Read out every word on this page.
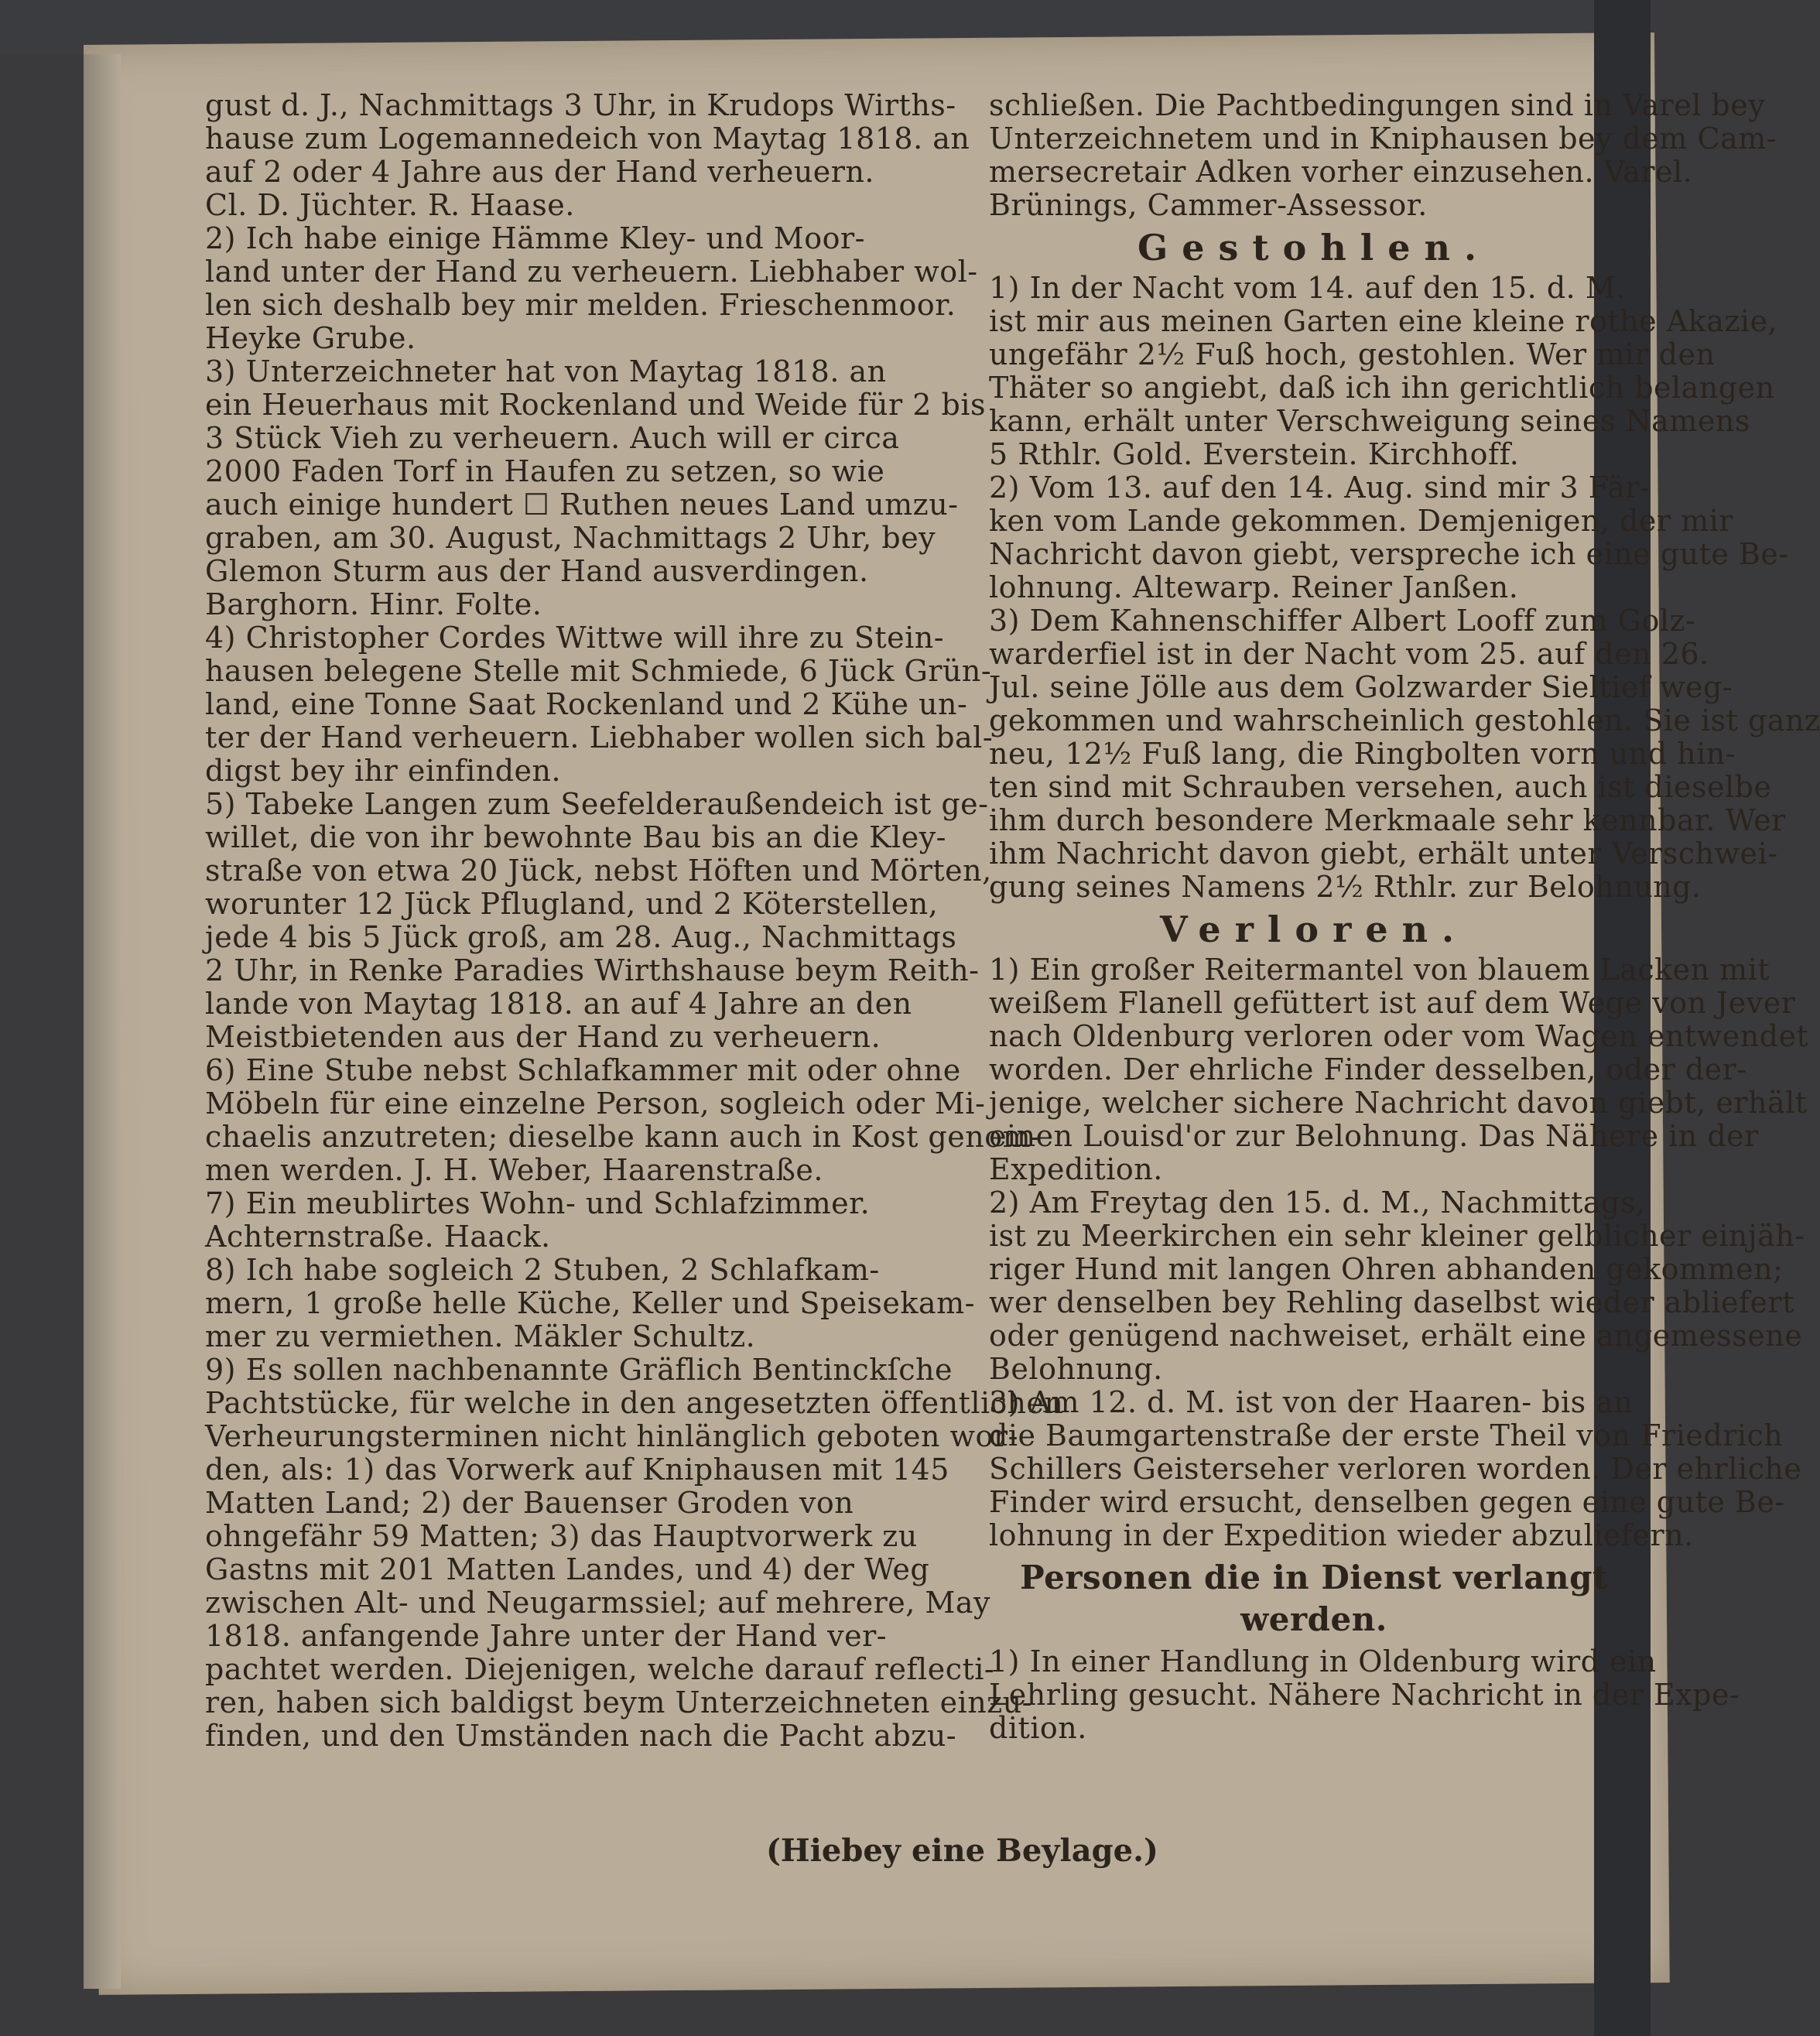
gust d. J., Nachmittags 3 Uhr, in Krudops Wirths-
hause zum Logemannedeich von Maytag 1818. an
auf 2 oder 4 Jahre aus der Hand verheuern.
Cl. D. Jüchter. R. Haase.
2) Ich habe einige Hämme Kley- und Moor-
land unter der Hand zu verheuern. Liebhaber wol-
len sich deshalb bey mir melden. Frieschenmoor.
Heyke Grube.
3) Unterzeichneter hat von Maytag 1818. an
ein Heuerhaus mit Rockenland und Weide für 2 bis
3 Stück Vieh zu verheuern. Auch will er circa
2000 Faden Torf in Haufen zu setzen, so wie
auch einige hundert ☐ Ruthen neues Land umzu-
graben, am 30. August, Nachmittags 2 Uhr, bey
Glemon Sturm aus der Hand ausverdingen.
Barghorn. Hinr. Folte.
4) Christopher Cordes Wittwe will ihre zu Stein-
hausen belegene Stelle mit Schmiede, 6 Jück Grün-
land, eine Tonne Saat Rockenland und 2 Kühe un-
ter der Hand verheuern. Liebhaber wollen sich bal-
digst bey ihr einfinden.
5) Tabeke Langen zum Seefelderaußendeich ist ge-
willet, die von ihr bewohnte Bau bis an die Kley-
straße von etwa 20 Jück, nebst Höften und Mörten,
worunter 12 Jück Pflugland, und 2 Köterstellen,
jede 4 bis 5 Jück groß, am 28. Aug., Nachmittags
2 Uhr, in Renke Paradies Wirthshause beym Reith-
lande von Maytag 1818. an auf 4 Jahre an den
Meistbietenden aus der Hand zu verheuern.
6) Eine Stube nebst Schlafkammer mit oder ohne
Möbeln für eine einzelne Person, sogleich oder Mi-
chaelis anzutreten; dieselbe kann auch in Kost genom-
men werden. J. H. Weber, Haarenstraße.
7) Ein meublirtes Wohn- und Schlafzimmer.
Achternstraße. Haack.
8) Ich habe sogleich 2 Stuben, 2 Schlafkam-
mern, 1 große helle Küche, Keller und Speisekam-
mer zu vermiethen. Mäkler Schultz.
9) Es sollen nachbenannte Gräflich Bentinckſche
Pachtstücke, für welche in den angesetzten öffentlichen
Verheurungsterminen nicht hinlänglich geboten wor-
den, als: 1) das Vorwerk auf Kniphausen mit 145
Matten Land; 2) der Bauenser Groden von
ohngefähr 59 Matten; 3) das Hauptvorwerk zu
Gastns mit 201 Matten Landes, und 4) der Weg
zwischen Alt- und Neugarmssiel; auf mehrere, May
1818. anfangende Jahre unter der Hand ver-
pachtet werden. Diejenigen, welche darauf reflecti-
ren, haben sich baldigst beym Unterzeichneten einzu-
finden, und den Umständen nach die Pacht abzu-
schließen. Die Pachtbedingungen sind in Varel bey
Unterzeichnetem und in Kniphausen bey dem Cam-
mersecretair Adken vorher einzusehen. Varel.
Brünings, Cammer-Assessor.
Gestohlen.
1) In der Nacht vom 14. auf den 15. d. M.
ist mir aus meinen Garten eine kleine rothe Akazie,
ungefähr 2½ Fuß hoch, gestohlen. Wer mir den
Thäter so angiebt, daß ich ihn gerichtlich belangen
kann, erhält unter Verschweigung seines Namens
5 Rthlr. Gold. Everstein. Kirchhoff.
2) Vom 13. auf den 14. Aug. sind mir 3 Fär-
ken vom Lande gekommen. Demjenigen, der mir
Nachricht davon giebt, verspreche ich eine gute Be-
lohnung. Altewarp. Reiner Janßen.
3) Dem Kahnenschiffer Albert Looff zum Golz-
warderfiel ist in der Nacht vom 25. auf den 26.
Jul. seine Jölle aus dem Golzwarder Sieltief weg-
gekommen und wahrscheinlich gestohlen. Sie ist ganz
neu, 12½ Fuß lang, die Ringbolten vorn und hin-
ten sind mit Schrauben versehen, auch ist dieselbe
ihm durch besondere Merkmaale sehr kennbar. Wer
ihm Nachricht davon giebt, erhält unter Verschwei-
gung seines Namens 2½ Rthlr. zur Belohnung.
Verloren.
1) Ein großer Reitermantel von blauem Lacken mit
weißem Flanell gefüttert ist auf dem Wege von Jever
nach Oldenburg verloren oder vom Wagen entwendet
worden. Der ehrliche Finder desselben, oder der-
jenige, welcher sichere Nachricht davon giebt, erhält
einen Louisd'or zur Belohnung. Das Nähere in der
Expedition.
2) Am Freytag den 15. d. M., Nachmittags,
ist zu Meerkirchen ein sehr kleiner gelblicher einjäh-
riger Hund mit langen Ohren abhanden gekommen;
wer denselben bey Rehling daselbst wieder abliefert
oder genügend nachweiset, erhält eine angemessene
Belohnung.
3) Am 12. d. M. ist von der Haaren- bis an
die Baumgartenstraße der erste Theil von Friedrich
Schillers Geisterseher verloren worden. Der ehrliche
Finder wird ersucht, denselben gegen eine gute Be-
lohnung in der Expedition wieder abzuliefern.
Personen die in Dienst verlangt werden.
1) In einer Handlung in Oldenburg wird ein
Lehrling gesucht. Nähere Nachricht in der Expe-
dition.
(Hiebey eine Beylage.)
